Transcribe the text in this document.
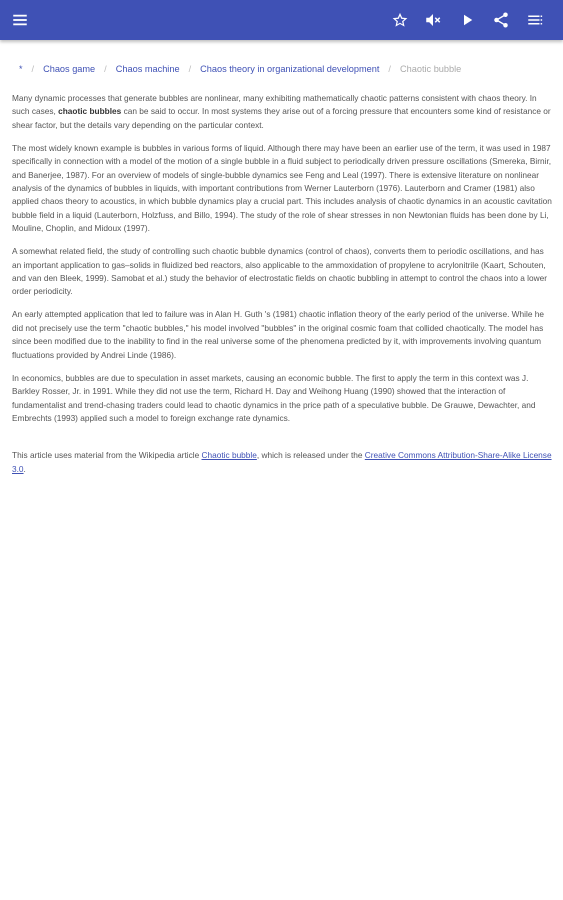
* / Chaos game / Chaos machine / Chaos theory in organizational development / Chaotic bubble

Many dynamic processes that generate bubbles are nonlinear, many exhibiting mathematically chaotic patterns consistent with chaos theory. In such cases, chaotic bubbles can be said to occur. In most systems they arise out of a forcing pressure that encounters some kind of resistance or shear factor, but the details vary depending on the particular context.

The most widely known example is bubbles in various forms of liquid. Although there may have been an earlier use of the term, it was used in 1987 specifically in connection with a model of the motion of a single bubble in a fluid subject to periodically driven pressure oscillations (Smereka, Birnir, and Banerjee, 1987). For an overview of models of single-bubble dynamics see Feng and Leal (1997). There is extensive literature on nonlinear analysis of the dynamics of bubbles in liquids, with important contributions from Werner Lauterborn (1976). Lauterborn and Cramer (1981) also applied chaos theory to acoustics, in which bubble dynamics play a crucial part. This includes analysis of chaotic dynamics in an acoustic cavitation bubble field in a liquid (Lauterborn, Holzfuss, and Billo, 1994). The study of the role of shear stresses in non Newtonian fluids has been done by Li, Mouline, Choplin, and Midoux (1997).

A somewhat related field, the study of controlling such chaotic bubble dynamics (control of chaos), converts them to periodic oscillations, and has an important application to gas–solids in fluidized bed reactors, also applicable to the ammoxidation of propylene to acrylonitrile (Kaart, Schouten, and van den Bleek, 1999). Samobat et al.) study the behavior of electrostatic fields on chaotic bubbling in attempt to control the chaos into a lower order periodicity.

An early attempted application that led to failure was in Alan H. Guth 's (1981) chaotic inflation theory of the early period of the universe. While he did not precisely use the term "chaotic bubbles," his model involved "bubbles" in the original cosmic foam that collided chaotically. The model has since been modified due to the inability to find in the real universe some of the phenomena predicted by it, with improvements involving quantum fluctuations provided by Andrei Linde (1986).

In economics, bubbles are due to speculation in asset markets, causing an economic bubble. The first to apply the term in this context was J. Barkley Rosser, Jr. in 1991. While they did not use the term, Richard H. Day and Weihong Huang (1990) showed that the interaction of fundamentalist and trend-chasing traders could lead to chaotic dynamics in the price path of a speculative bubble. De Grauwe, Dewachter, and Embrechts (1993) applied such a model to foreign exchange rate dynamics.

This article uses material from the Wikipedia article Chaotic bubble, which is released under the Creative Commons Attribution-Share-Alike License 3.0.
